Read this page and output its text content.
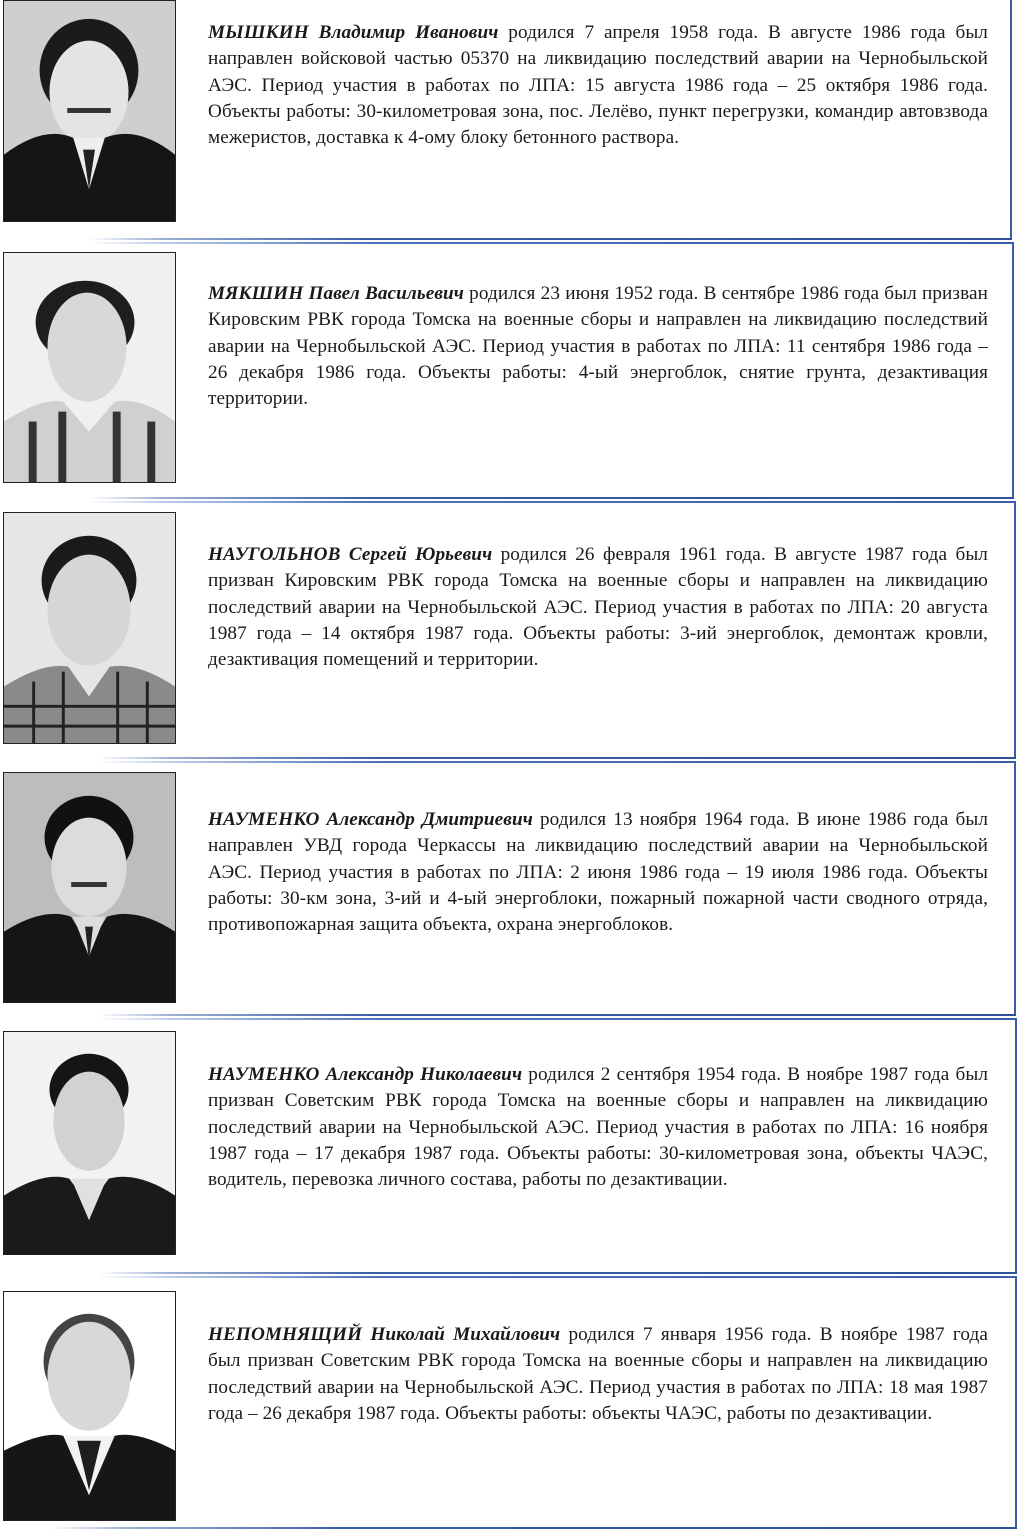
МЫШКИН Владимир Иванович родился 7 апреля 1958 года. В августе 1986 года был направлен войсковой частью 05370 на ликвидацию последствий аварии на Чернобыльской АЭС. Период участия в работах по ЛПА: 15 августа 1986 года – 25 октября 1986 года. Объекты работы: 30-километровая зона, пос. Лелёво, пункт перегрузки, командир автовзвода межеристов, доставка к 4-ому блоку бетонного раствора.
МЯКШИН Павел Васильевич родился 23 июня 1952 года. В сентябре 1986 года был призван Кировским РВК города Томска на военные сборы и направлен на ликвидацию последствий аварии на Чернобыльской АЭС. Период участия в работах по ЛПА: 11 сентября 1986 года – 26 декабря 1986 года. Объекты работы: 4-ый энергоблок, снятие грунта, дезактивация территории.
НАУГОЛЬНОВ Сергей Юрьевич родился 26 февраля 1961 года. В августе 1987 года был призван Кировским РВК города Томска на военные сборы и направлен на ликвидацию последствий аварии на Чернобыльской АЭС. Период участия в работах по ЛПА: 20 августа 1987 года – 14 октября 1987 года. Объекты работы: 3-ий энергоблок, демонтаж кровли, дезактивация помещений и территории.
НАУМЕНКО Александр Дмитриевич родился 13 ноября 1964 года. В июне 1986 года был направлен УВД города Черкассы на ликвидацию последствий аварии на Чернобыльской АЭС. Период участия в работах по ЛПА: 2 июня 1986 года – 19 июля 1986 года. Объекты работы: 30-км зона, 3-ий и 4-ый энергоблоки, пожарный пожарной части сводного отряда, противопожарная защита объекта, охрана энергоблоков.
НАУМЕНКО Александр Николаевич родился 2 сентября 1954 года. В ноябре 1987 года был призван Советским РВК города Томска на военные сборы и направлен на ликвидацию последствий аварии на Чернобыльской АЭС. Период участия в работах по ЛПА: 16 ноября 1987 года – 17 декабря 1987 года. Объекты работы: 30-километровая зона, объекты ЧАЭС, водитель, перевозка личного состава, работы по дезактивации.
НЕПОМНЯЩИЙ Николай Михайлович родился 7 января 1956 года. В ноябре 1987 года был призван Советским РВК города Томска на военные сборы и направлен на ликвидацию последствий аварии на Чернобыльской АЭС. Период участия в работах по ЛПА: 18 мая 1987 года – 26 декабря 1987 года. Объекты работы: объекты ЧАЭС, работы по дезактивации.
